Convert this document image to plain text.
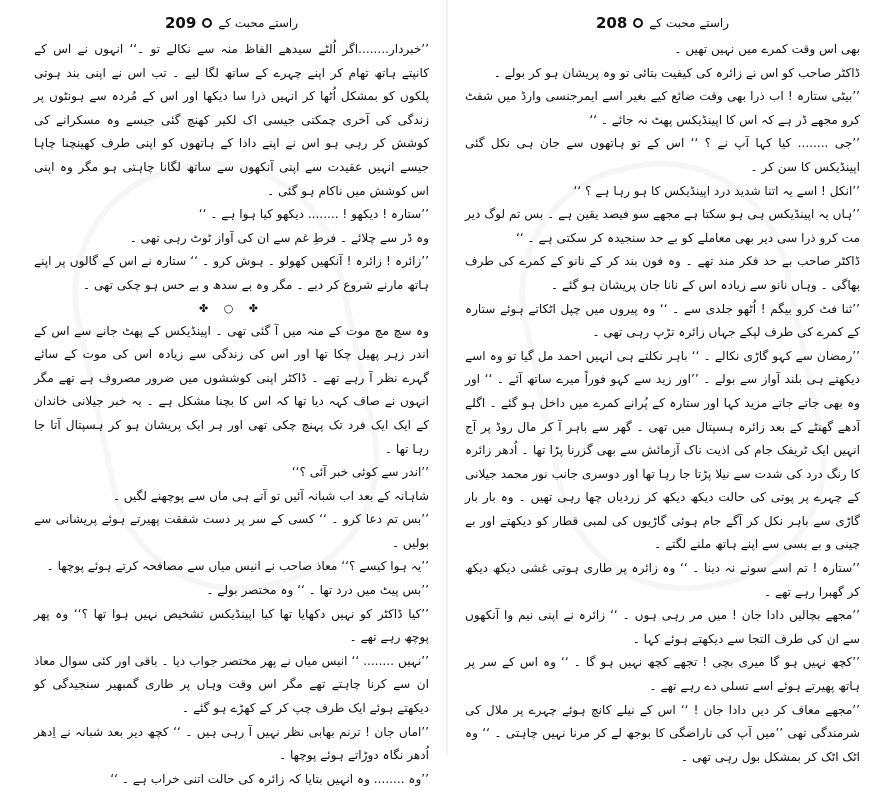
راستے محبت کے
209

’’خبردار........اگر اُلٹے سیدھے الفاظ منہ سے نکالے تو ۔‘‘ انہوں نے اس کے کانپتے ہاتھ تھام کر اپنے چہرے کے ساتھ لگا لیے ۔ تب اس نے اپنی بند ہوتی پلکوں کو بمشکل اُٹھا کر انہیں ذرا سا دیکھا اور اس کے مُردہ سے ہونٹوں پر زندگی کی آخری چمکتی جیسی اک لکیر کھنچ گئی جیسے وہ مسکرانے کی کوشش کر رہی ہو اس نے اپنے دادا کے ہاتھوں کو اپنی طرف کھینچنا چاہا جیسے انہیں عقیدت سے اپنی آنکھوں سے ساتھ لگانا چاہتی ہو مگر وہ اپنی اس کوشش میں ناکام ہو گئی ۔

’’ستارہ ! دیکھو ! ........ دیکھو کیا ہوا ہے ۔ ‘‘

وہ ڈر سے چلائے ۔ فرطِ غم سے ان کی آواز ٹوٹ رہی تھی ۔

’’زائرہ ! زائرہ ! آنکھیں کھولو ۔ ہوش کرو ۔ ‘‘ ستارہ نے اس کے گالوں پر اپنے ہاتھ مارنے شروع کر دیے ۔ مگر وہ بے سدھ و بے حس ہو چکی تھی ۔

✤ ○ ✤

وہ سچ مچ موت کے منہ میں آ گئی تھی ۔ اپینڈیکس کے پھٹ جانے سے اس کے اندر زہر پھیل چکا تھا اور اس کی زندگی سے زیادہ اس کی موت کے سائے گہرے نظر آ رہے تھے ۔ ڈاکٹر اپنی کوششوں میں ضرور مصروف ہے تھے مگر انہوں نے صاف کہہ دیا تھا کہ اس کا بچنا مشکل ہے ۔ یہ خبر جیلانی خاندان کے ایک ایک فرد تک پہنچ چکی تھی اور ہر ایک پریشان ہو کر ہسپتال آتا جا رہا تھا ۔

’’اندر سے کوئی خبر آئی ؟‘‘

شاہانہ کے بعد اب شبانہ آئیں تو آتے ہی ماں سے پوچھنے لگیں ۔

’’بس تم دعا کرو ۔ ‘‘ کسی کے سر پر دست شفقت پھیرتے ہوئے پریشانی سے بولیں ۔

’’یہ ہوا کیسے ؟‘‘ معاذ صاحب نے انیس میاں سے مصافحہ کرتے ہوئے پوچھا ۔

’’بس پیٹ میں درد تھا ۔ ‘‘ وہ مختصر بولے ۔

’’کیا ڈاکٹر کو نہیں دکھایا تھا کیا اپینڈیکس تشخیص نہیں ہوا تھا ؟‘‘ وہ پھر پوچھ رہے تھے ۔

’’نہیں ........ ‘‘ انیس میاں نے پھر مختصر جواب دیا ۔ باقی اور کئی سوال معاذ ان سے کرنا چاہتے تھے مگر اس وقت وہاں پر طاری گمبھیر سنجیدگی کو دیکھتے ہوئے ایک طرف چپ کر کے کھڑے ہو گئے ۔

’’اماں جان ! ترنم بھابی نظر نہیں آ رہی ہیں ۔ ‘‘ کچھ دیر بعد شبانہ نے اِدھر اُدھر نگاہ دوڑاتے ہوئے پوچھا ۔

’’وہ ........ وہ انہیں بتایا کہ زائرہ کی حالت اتنی خراب ہے ۔ ‘‘

راستے محبت کے
208

بھی اس وقت کمرے میں نہیں تھیں ۔

ڈاکٹر صاحب کو اس نے زائرہ کی کیفیت بتائی تو وہ پریشان ہو کر بولے ۔

’’بیٹی ستارہ ! اب ذرا بھی وقت ضائع کیے بغیر اسے ایمرجنسی وارڈ میں شفٹ کرو مجھے ڈر ہے کہ اس کا اپینڈیکس پھٹ نہ جائے ۔ ‘‘

’’جی ........ کیا کہا آپ نے ؟ ‘‘ اس کے تو ہاتھوں سے جان ہی نکل گئی اپینڈیکس کا سن کر ۔

’’انکل ! اسے یہ اتنا شدید درد اپینڈیکس کا ہو رہا ہے ؟ ‘‘

’’ہاں یہ اپینڈیکس ہی ہو سکتا ہے مجھے سو فیصد یقین ہے ۔ بس تم لوگ دیر مت کرو ذرا سی دیر بھی معاملے کو بے حد سنجیدہ کر سکتی ہے ۔ ‘‘

ڈاکٹر صاحب بے حد فکر مند تھے ۔ وہ فون بند کر کے نانو کے کمرے کی طرف بھاگی ۔ وہاں نانو سے زیادہ اس کے نانا جان پریشان ہو گئے ۔

’’ثنا فٹ کرو بیگم ! اُٹھو جلدی سے ۔ ‘‘ وہ پیروں میں چپل اٹکاتے ہوئے ستارہ کے کمرے کی طرف لپکے جہاں زائرہ تڑپ رہی تھی ۔

’’رمضان سے کہو گاڑی نکالے ۔ ‘‘ باہر نکلتے ہی انہیں احمد مل گیا تو وہ اسے دیکھتے ہی بلند آواز سے بولے ۔ ’’اور زید سے کہو فوراً میرے ساتھ آئے ۔ ‘‘ اور وہ بھی جاتے جاتے مزید کہا اور ستارہ کے پُرانے کمرے میں داخل ہو گئے ۔ اگلے آدھے گھنٹے کے بعد زائرہ ہسپتال میں تھی ۔ گھر سے باہر آ کر مال روڈ پر آج انہیں ایک ٹریفک جام کی اذیت ناک آزمائش سے بھی گزرنا پڑا تھا ۔ اُدھر زائرہ کا رنگ درد کی شدت سے نیلا پڑتا جا رہا تھا اور دوسری جانب نور محمد جیلانی کے چہرے پر پوتی کی حالت دیکھ دیکھ کر زردیاں چھا رہی تھیں ۔ وہ بار بار گاڑی سے باہر نکل کر آگے جام ہوئی گاڑیوں کی لمبی قطار کو دیکھتے اور بے چینی و بے بسی سے اپنے ہاتھ ملنے لگتے ۔

’’ستارہ ! تم اسے سونے نہ دینا ۔ ‘‘ وہ زائرہ پر طاری ہوتی غشی دیکھ دیکھ کر گھبرا رہے تھے ۔

’’مجھے بچالیں دادا جان ! میں مر رہی ہوں ۔ ‘‘ زائرہ نے اپنی نیم وا آنکھوں سے ان کی طرف التجا سے دیکھتے ہوئے کہا ۔

’’کچھ نہیں ہو گا میری بچی ! تجھے کچھ نہیں ہو گا ۔ ‘‘ وہ اس کے سر پر ہاتھ پھیرتے ہوئے اسے تسلی دے رہے تھے ۔

’’مجھے معاف کر دیں دادا جان ! ‘‘ اس کے نیلے کانچ ہوئے چہرے پر ملال کی شرمندگی تھی ’’میں آپ کی ناراضگی کا بوجھ لے کر مرنا نہیں چاہتی ۔ ‘‘ وہ اٹک اٹک کر بمشکل بول رہی تھی ۔
